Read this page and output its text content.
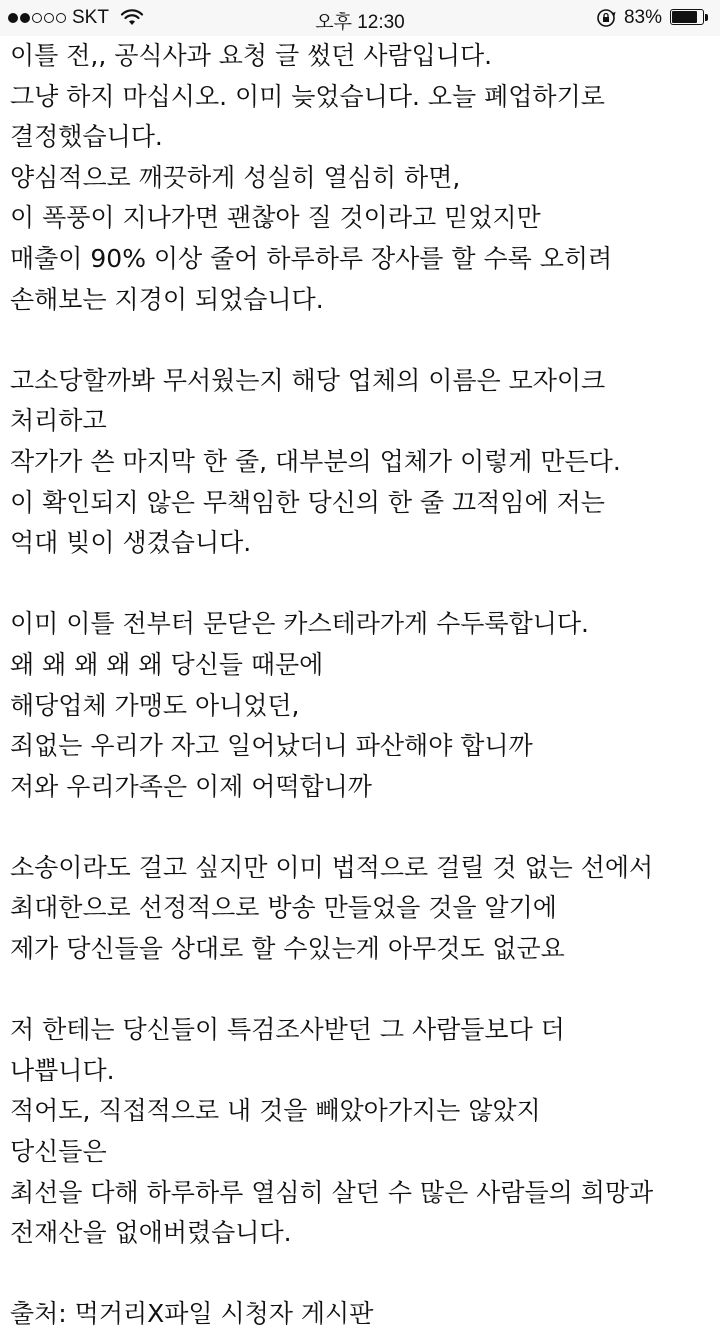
SKT	오후 12:30	83%
이틀 전,, 공식사과 요청 글 썼던 사람입니다.
그냥 하지 마십시오. 이미 늦었습니다. 오늘 폐업하기로
결정했습니다.
양심적으로 깨끗하게 성실히 열심히 하면,
이 폭풍이 지나가면 괜찮아 질 것이라고 믿었지만
매출이 90% 이상 줄어 하루하루 장사를 할 수록 오히려
손해보는 지경이 되었습니다.
고소당할까봐 무서웠는지 해당 업체의 이름은 모자이크
처리하고
작가가 쓴 마지막 한 줄, 대부분의 업체가 이렇게 만든다.
이 확인되지 않은 무책임한 당신의 한 줄 끄적임에 저는
억대 빚이 생겼습니다.
이미 이틀 전부터 문닫은 카스테라가게 수두룩합니다.
왜 왜 왜 왜 왜 당신들 때문에
해당업체 가맹도 아니었던,
죄없는 우리가 자고 일어났더니 파산해야 합니까
저와 우리가족은 이제 어떡합니까
소송이라도 걸고 싶지만 이미 법적으로 걸릴 것 없는 선에서
최대한으로 선정적으로 방송 만들었을 것을 알기에
제가 당신들을 상대로 할 수있는게 아무것도 없군요
저 한테는 당신들이 특검조사받던 그 사람들보다 더
나쁩니다.
적어도, 직접적으로 내 것을 빼았아가지는 않았지
당신들은
최선을 다해 하루하루 열심히 살던 수 많은 사람들의 희망과
전재산을 없애버렸습니다.
출처: 먹거리X파일 시청자 게시판
